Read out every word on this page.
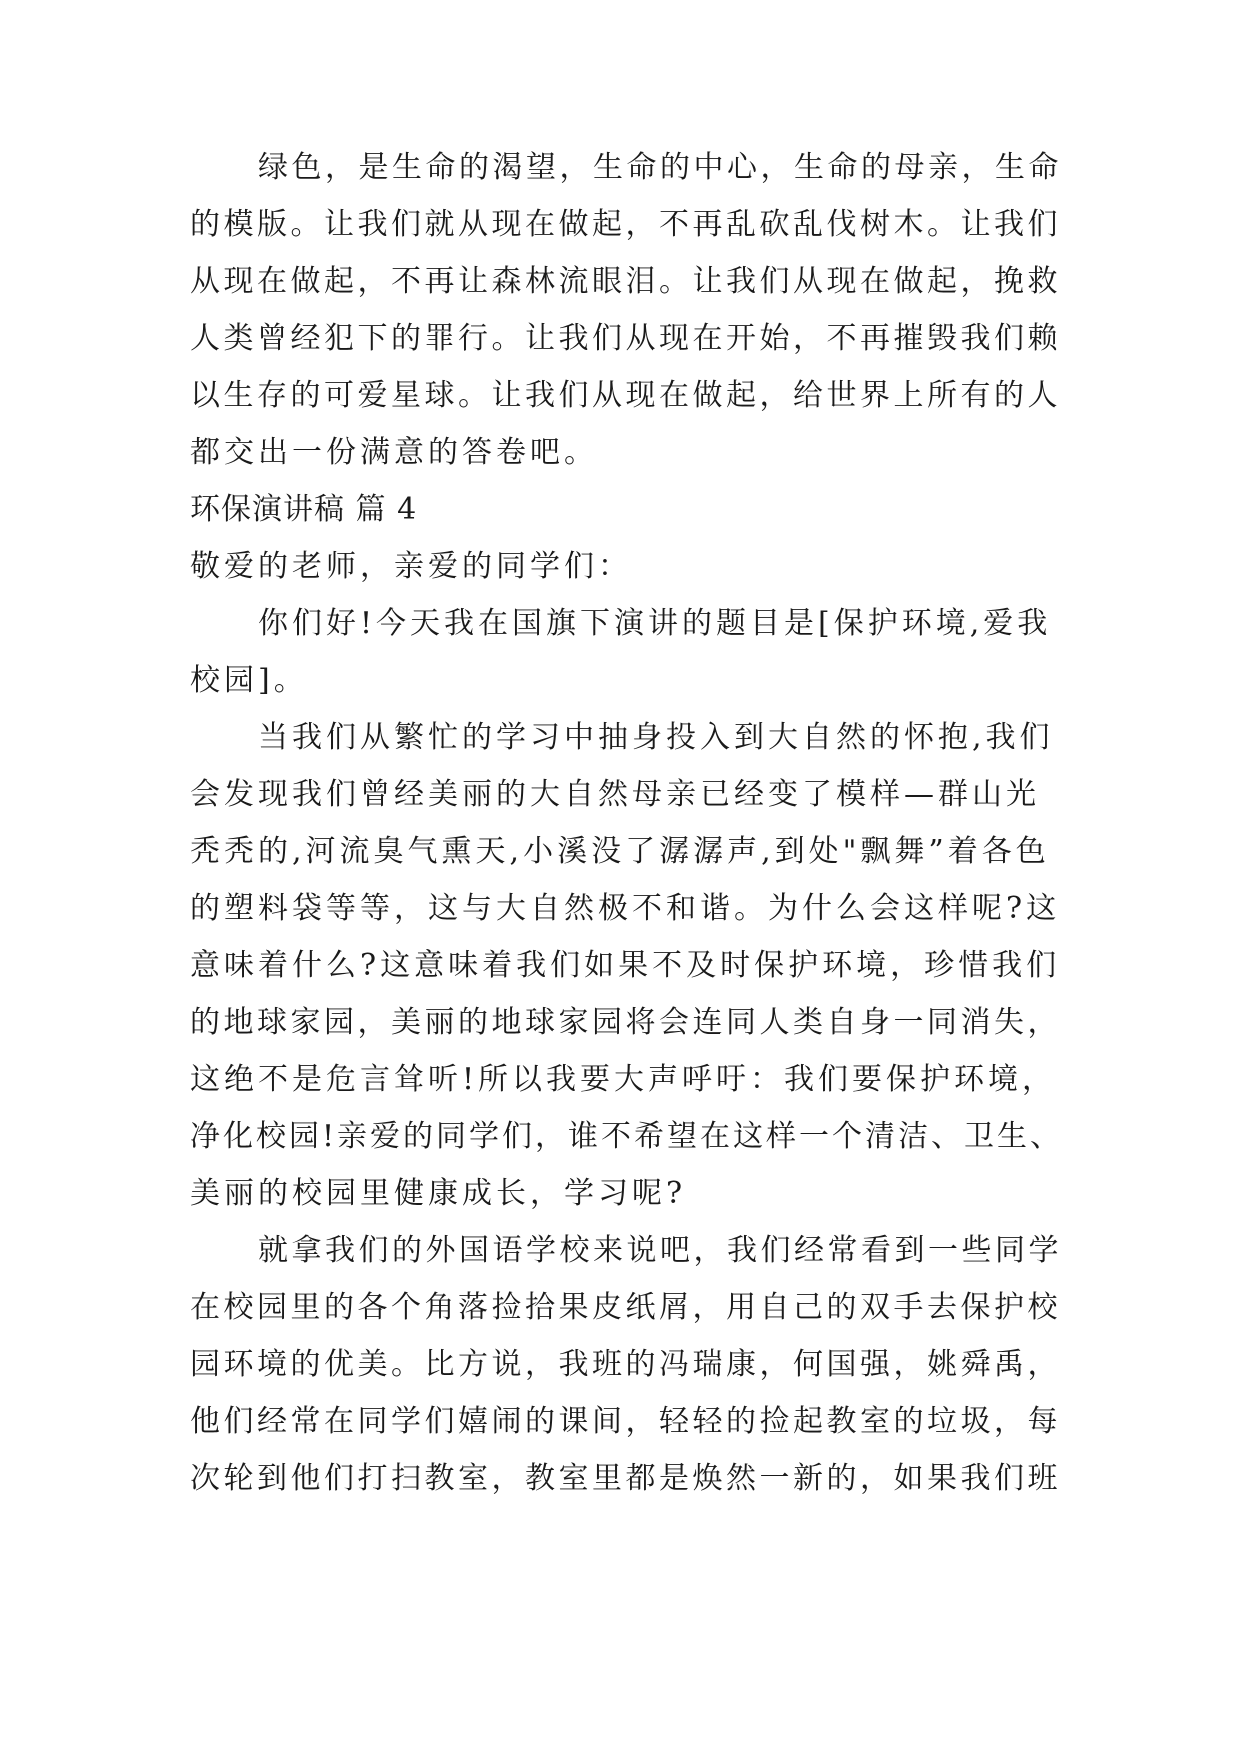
绿色，是生命的渴望，生命的中心，生命的母亲，生命
的模版。让我们就从现在做起，不再乱砍乱伐树木。让我们
从现在做起，不再让森林流眼泪。让我们从现在做起，挽救
人类曾经犯下的罪行。让我们从现在开始，不再摧毁我们赖
以生存的可爱星球。让我们从现在做起，给世界上所有的人
都交出一份满意的答卷吧。
环保演讲稿 篇 4
敬爱的老师，亲爱的同学们：
你们好!今天我在国旗下演讲的题目是[保护环境,爱我
校园]。
当我们从繁忙的学习中抽身投入到大自然的怀抱,我们
会发现我们曾经美丽的大自然母亲已经变了模样—群山光
秃秃的,河流臭气熏天,小溪没了潺潺声,到处"飘舞”着各色
的塑料袋等等，这与大自然极不和谐。为什么会这样呢?这
意味着什么?这意味着我们如果不及时保护环境，珍惜我们
的地球家园，美丽的地球家园将会连同人类自身一同消失，
这绝不是危言耸听!所以我要大声呼吁：我们要保护环境，
净化校园!亲爱的同学们，谁不希望在这样一个清洁、卫生、
美丽的校园里健康成长，学习呢?
就拿我们的外国语学校来说吧，我们经常看到一些同学
在校园里的各个角落捡拾果皮纸屑，用自己的双手去保护校
园环境的优美。比方说，我班的冯瑞康，何国强，姚舜禹，
他们经常在同学们嬉闹的课间，轻轻的捡起教室的垃圾，每
次轮到他们打扫教室，教室里都是焕然一新的，如果我们班
